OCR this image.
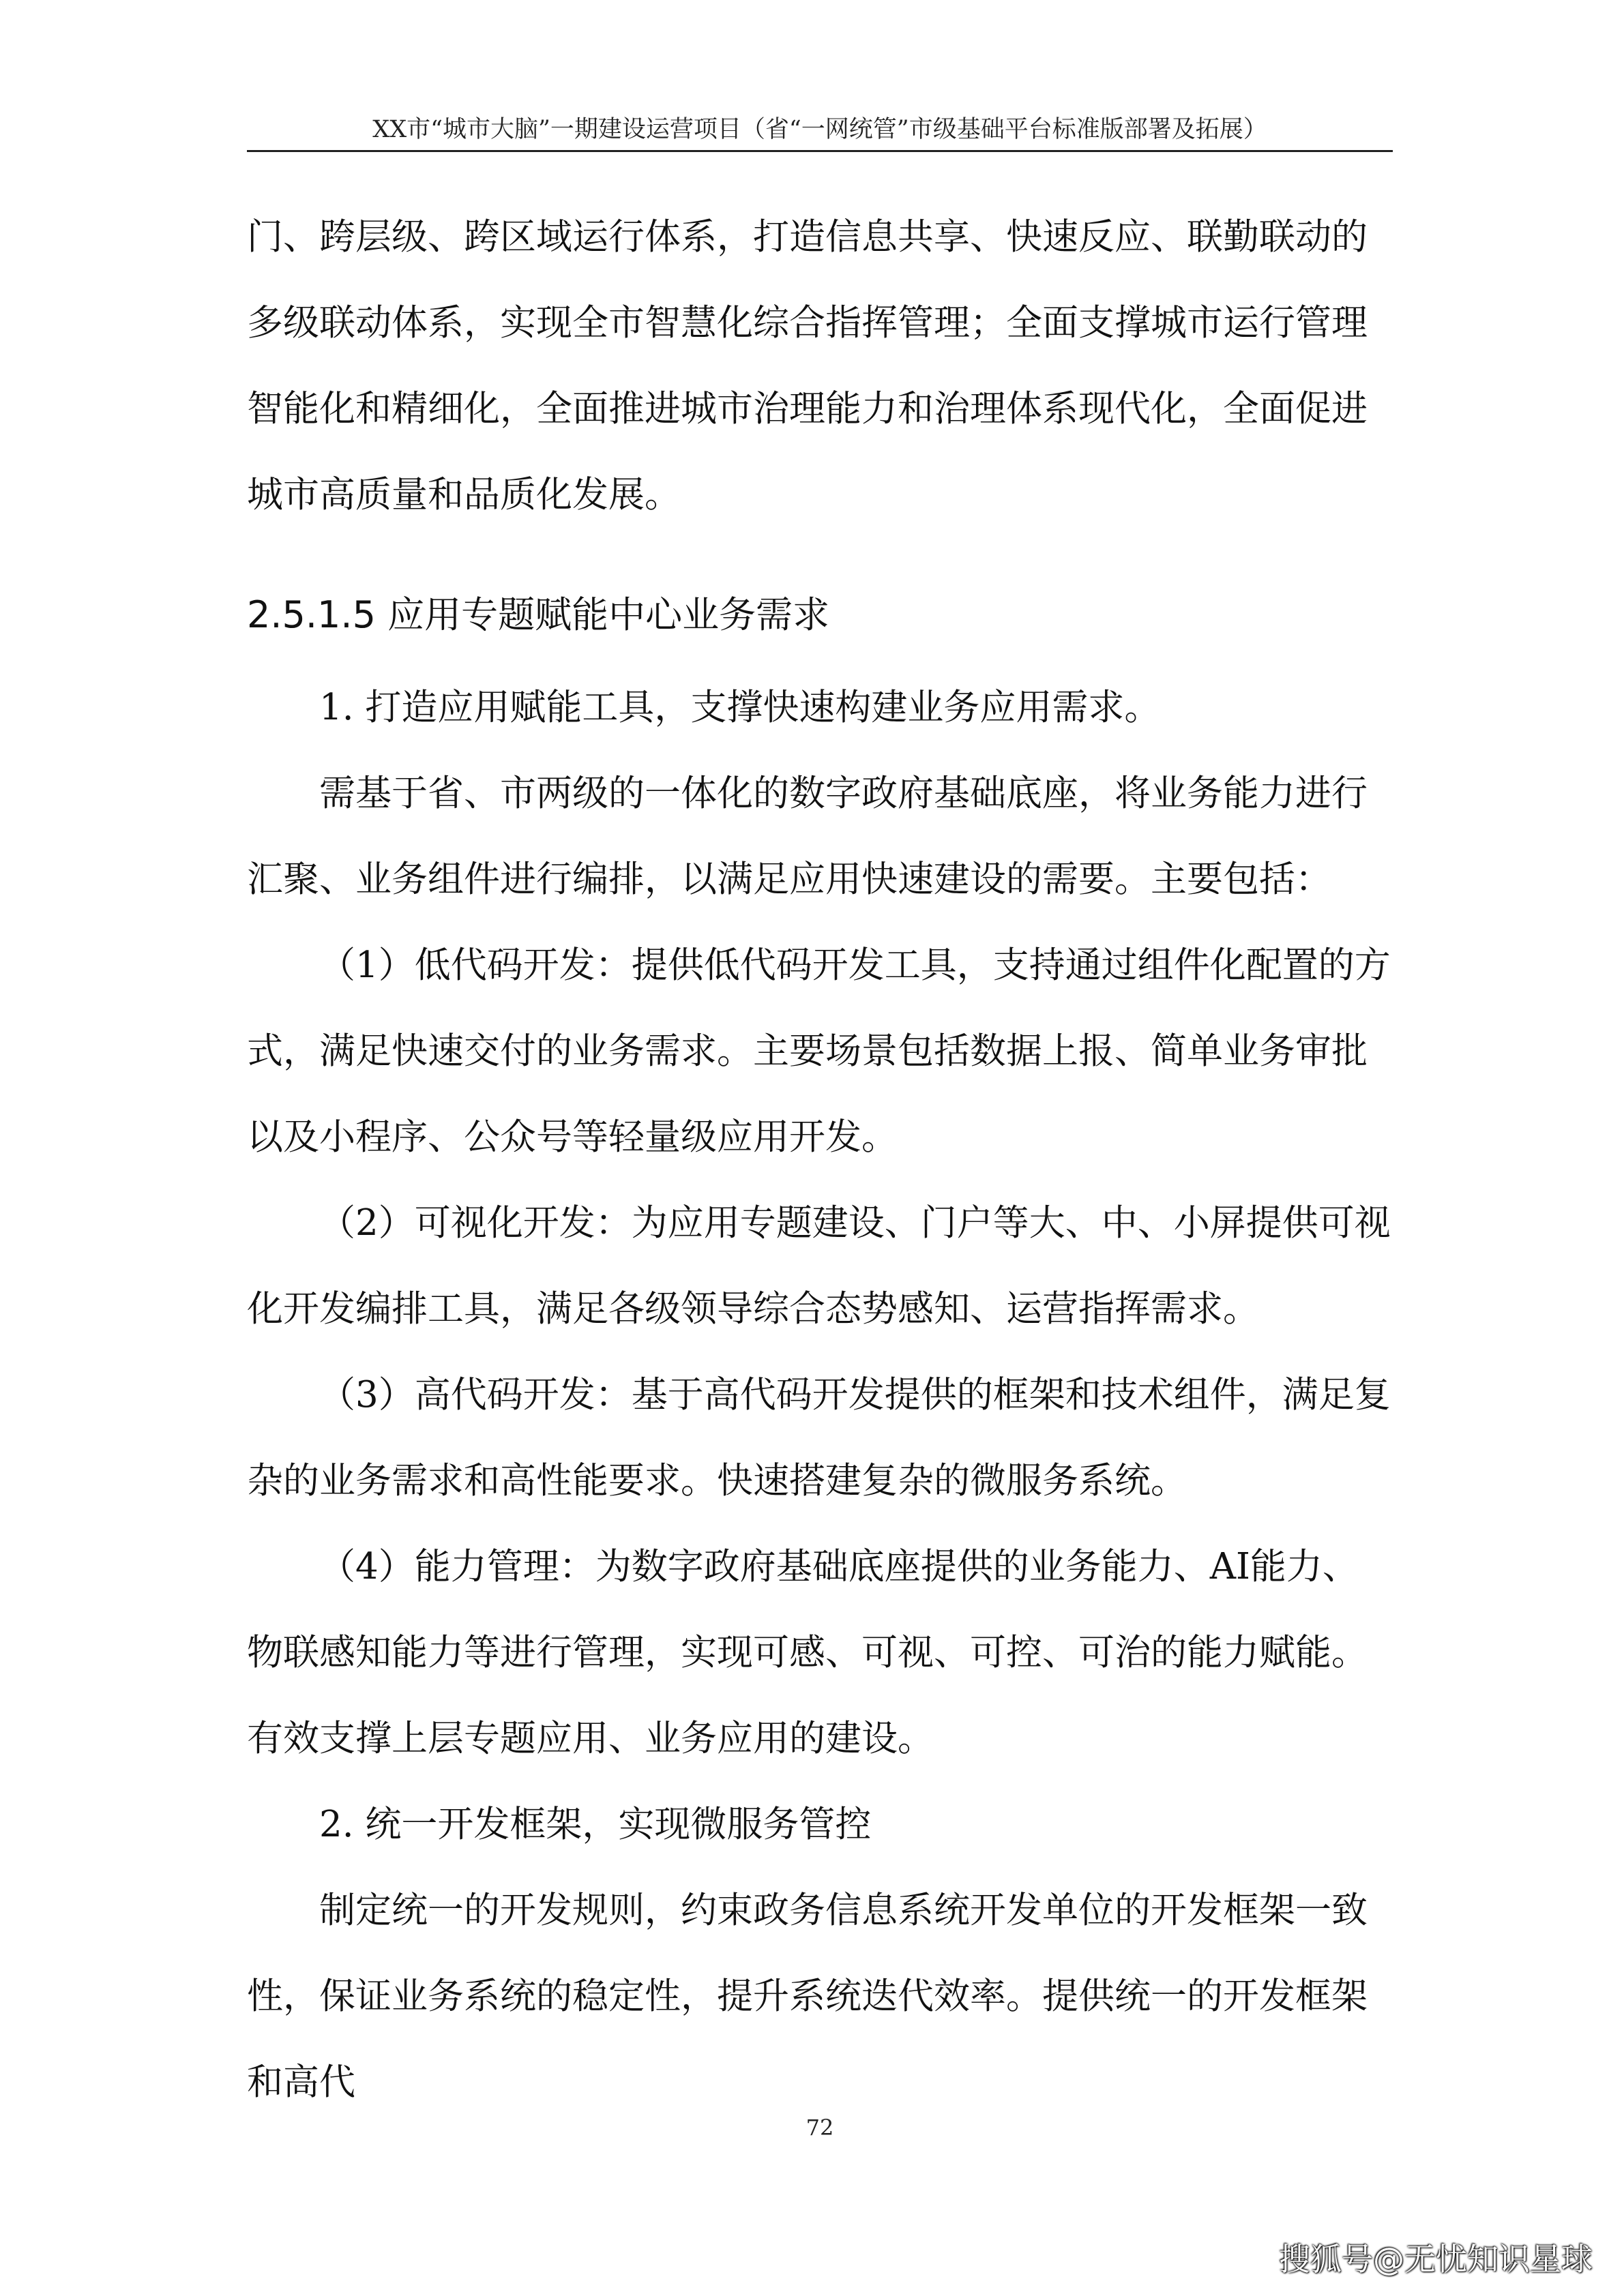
XX市“城市大脑”一期建设运营项目（省“一网统管”市级基础平台标准版部署及拓展）

门、跨层级、跨区域运行体系，打造信息共享、快速反应、联勤联动的多级联动体系，实现全市智慧化综合指挥管理；全面支撑城市运行管理智能化和精细化，全面推进城市治理能力和治理体系现代化，全面促进城市高质量和品质化发展。

2.5.1.5 应用专题赋能中心业务需求

1. 打造应用赋能工具，支撑快速构建业务应用需求。

需基于省、市两级的一体化的数字政府基础底座，将业务能力进行汇聚、业务组件进行编排，以满足应用快速建设的需要。主要包括：

（1）低代码开发：提供低代码开发工具，支持通过组件化配置的方式，满足快速交付的业务需求。主要场景包括数据上报、简单业务审批以及小程序、公众号等轻量级应用开发。

（2）可视化开发：为应用专题建设、门户等大、中、小屏提供可视化开发编排工具，满足各级领导综合态势感知、运营指挥需求。

（3）高代码开发：基于高代码开发提供的框架和技术组件，满足复杂的业务需求和高性能要求。快速搭建复杂的微服务系统。

（4）能力管理：为数字政府基础底座提供的业务能力、AI能力、物联感知能力等进行管理，实现可感、可视、可控、可治的能力赋能。有效支撑上层专题应用、业务应用的建设。

2. 统一开发框架，实现微服务管控

制定统一的开发规则，约束政务信息系统开发单位的开发框架一致性，保证业务系统的稳定性，提升系统迭代效率。提供统一的开发框架和高代

72
搜狐号@无忧知识星球
